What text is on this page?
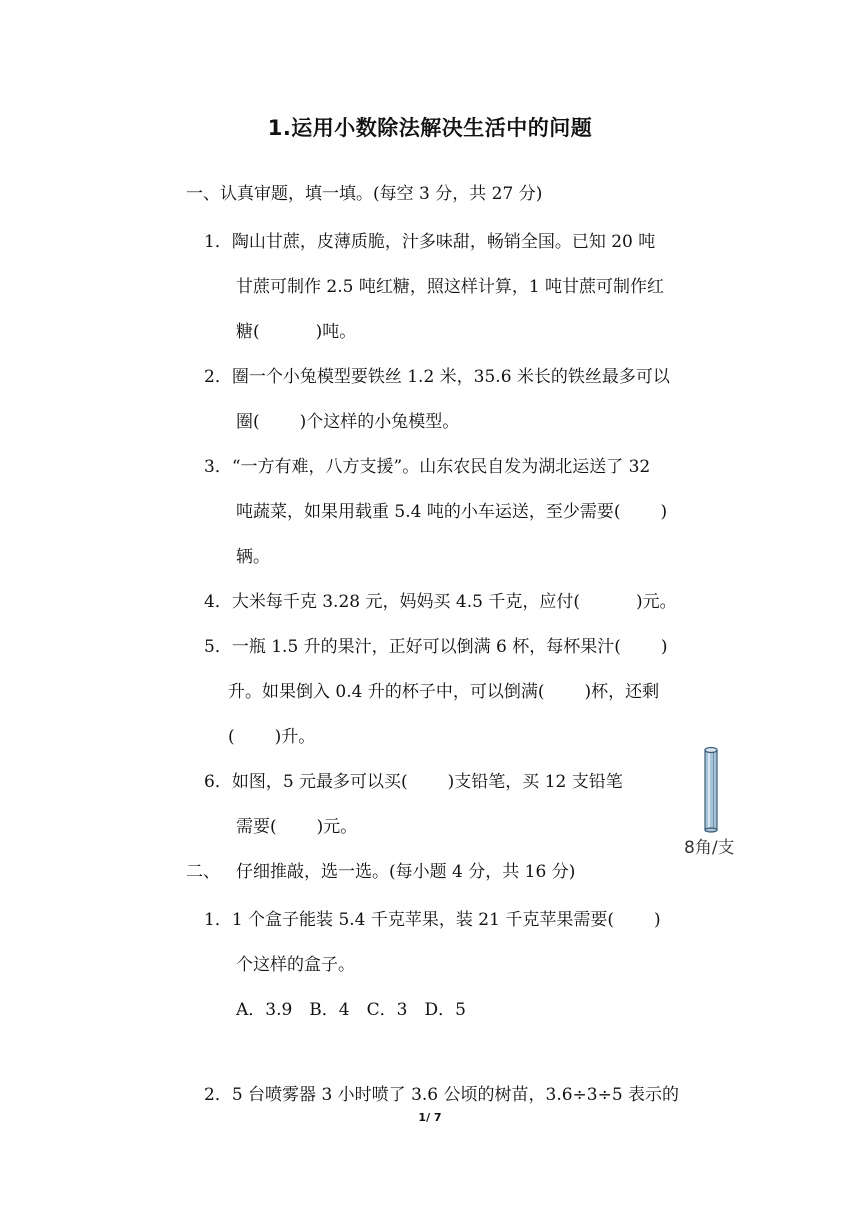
1.运用小数除法解决生活中的问题
一、认真审题，填一填。(每空 3 分，共 27 分)
1．陶山甘蔗，皮薄质脆，汁多味甜，畅销全国。已知 20 吨
甘蔗可制作 2.5 吨红糖，照这样计算，1 吨甘蔗可制作红
糖(	)吨。
2．圈一个小兔模型要铁丝 1.2 米，35.6 米长的铁丝最多可以
圈( )个这样的小兔模型。
3．“一方有难，八方支援”。山东农民自发为湖北运送了 32
吨蔬菜，如果用载重 5.4 吨的小车运送，至少需要( )
辆。
4．大米每千克 3.28 元，妈妈买 4.5 千克，应付(	)元。
5．一瓶 1.5 升的果汁，正好可以倒满 6 杯，每杯果汁( )
升。如果倒入 0.4 升的杯子中，可以倒满( )杯，还剩
( )升。
6．如图，5 元最多可以买( )支铅笔，买 12 支铅笔
需要( )元。
8角/支
二、 仔细推敲，选一选。(每小题 4 分，共 16 分)
1．1 个盒子能装 5.4 千克苹果，装 21 千克苹果需要( )
个这样的盒子。
A．3.9　B．4　C．3　D．5
2．5 台喷雾器 3 小时喷了 3.6 公顷的树苗，3.6÷3÷5 表示的
1/ 7
